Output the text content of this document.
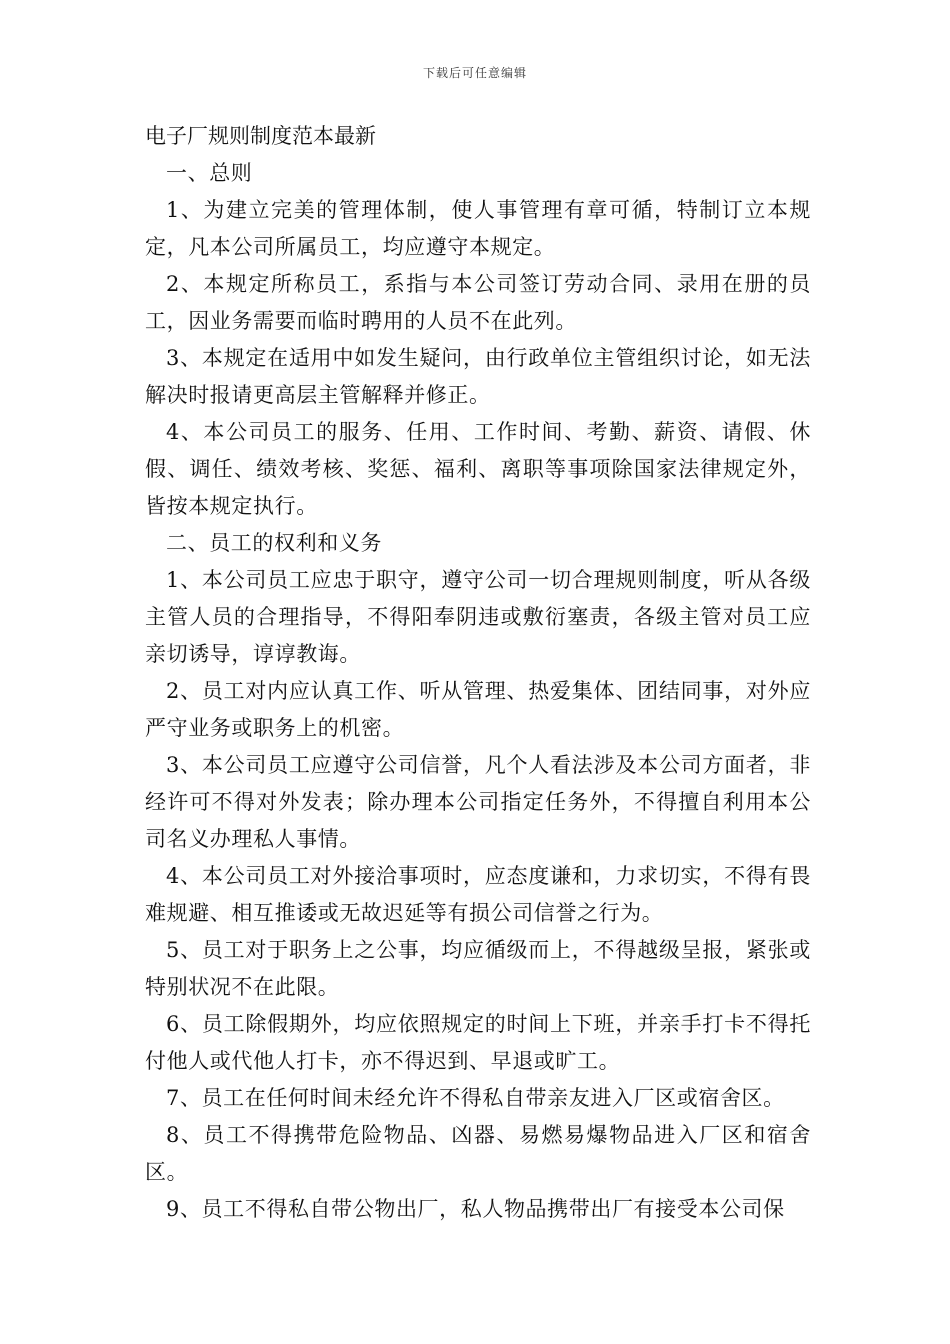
下载后可任意编辑

电子厂规则制度范本最新

一、总则

1、为建立完美的管理体制，使人事管理有章可循，特制订立本规定，凡本公司所属员工，均应遵守本规定。

2、本规定所称员工，系指与本公司签订劳动合同、录用在册的员工，因业务需要而临时聘用的人员不在此列。

3、本规定在适用中如发生疑问，由行政单位主管组织讨论，如无法解决时报请更高层主管解释并修正。

4、本公司员工的服务、任用、工作时间、考勤、薪资、请假、休假、调任、绩效考核、奖惩、福利、离职等事项除国家法律规定外，皆按本规定执行。

二、员工的权利和义务

1、本公司员工应忠于职守，遵守公司一切合理规则制度，听从各级主管人员的合理指导，不得阳奉阴违或敷衍塞责，各级主管对员工应亲切诱导，谆谆教诲。

2、员工对内应认真工作、听从管理、热爱集体、团结同事，对外应严守业务或职务上的机密。

3、本公司员工应遵守公司信誉，凡个人看法涉及本公司方面者，非经许可不得对外发表；除办理本公司指定任务外，不得擅自利用本公司名义办理私人事情。

4、本公司员工对外接洽事项时，应态度谦和，力求切实，不得有畏难规避、相互推诿或无故迟延等有损公司信誉之行为。

5、员工对于职务上之公事，均应循级而上，不得越级呈报，紧张或特别状况不在此限。

6、员工除假期外，均应依照规定的时间上下班，并亲手打卡不得托付他人或代他人打卡，亦不得迟到、早退或旷工。

7、员工在任何时间未经允许不得私自带亲友进入厂区或宿舍区。

8、员工不得携带危险物品、凶器、易燃易爆物品进入厂区和宿舍区。

9、员工不得私自带公物出厂，私人物品携带出厂有接受本公司保
